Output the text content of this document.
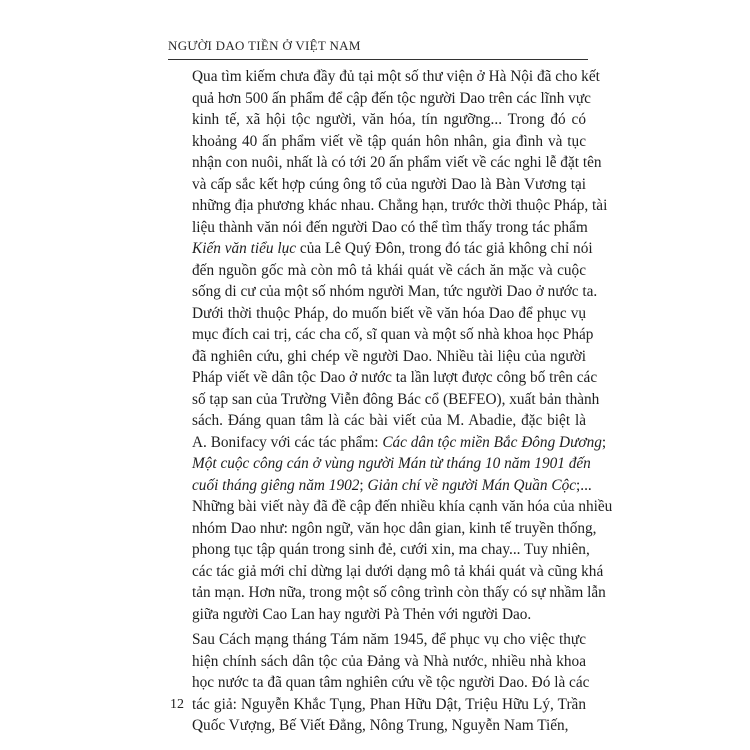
NGƯỜI DAO TIỀN Ở VIỆT NAM

Qua tìm kiếm chưa đầy đủ tại một số thư viện ở Hà Nội đã cho kết
quả hơn 500 ấn phẩm để cập đến tộc người Dao trên các lĩnh vực
kinh tế, xã hội tộc người, văn hóa, tín ngưỡng... Trong đó có
khoảng 40 ấn phẩm viết về tập quán hôn nhân, gia đình và tục
nhận con nuôi, nhất là có tới 20 ấn phẩm viết về các nghi lễ đặt tên
và cấp sắc kết hợp cúng ông tổ của người Dao là Bàn Vương tại
những địa phương khác nhau. Chẳng hạn, trước thời thuộc Pháp, tài
liệu thành văn nói đến người Dao có thể tìm thấy trong tác phẩm
Kiến văn tiểu lục của Lê Quý Đôn, trong đó tác giả không chỉ nói
đến nguồn gốc mà còn mô tả khái quát về cách ăn mặc và cuộc
sống di cư của một số nhóm người Man, tức người Dao ở nước ta.
Dưới thời thuộc Pháp, do muốn biết về văn hóa Dao để phục vụ
mục đích cai trị, các cha cố, sĩ quan và một số nhà khoa học Pháp
đã nghiên cứu, ghi chép về người Dao. Nhiều tài liệu của người
Pháp viết về dân tộc Dao ở nước ta lần lượt được công bố trên các
số tạp san của Trường Viễn đông Bác cổ (BEFEO), xuất bản thành
sách. Đáng quan tâm là các bài viết của M. Abadie, đặc biệt là
A. Bonifacy với các tác phẩm: Các dân tộc miền Bắc Đông Dương;
Một cuộc công cán ở vùng người Mán từ tháng 10 năm 1901 đến
cuối tháng giêng năm 1902; Giản chí về người Mán Quần Cộc;...
Những bài viết này đã đề cập đến nhiều khía cạnh văn hóa của nhiều
nhóm Dao như: ngôn ngữ, văn học dân gian, kinh tế truyền thống,
phong tục tập quán trong sinh đẻ, cưới xin, ma chay... Tuy nhiên,
các tác giả mới chỉ dừng lại dưới dạng mô tả khái quát và cũng khá
tản mạn. Hơn nữa, trong một số công trình còn thấy có sự nhầm lẫn
giữa người Cao Lan hay người Pà Thẻn với người Dao.

Sau Cách mạng tháng Tám năm 1945, để phục vụ cho việc thực
hiện chính sách dân tộc của Đảng và Nhà nước, nhiều nhà khoa
học nước ta đã quan tâm nghiên cứu về tộc người Dao. Đó là các
tác giả: Nguyễn Khắc Tụng, Phan Hữu Dật, Triệu Hữu Lý, Trần
Quốc Vượng, Bế Viết Đẳng, Nông Trung, Nguyễn Nam Tiến,

12
